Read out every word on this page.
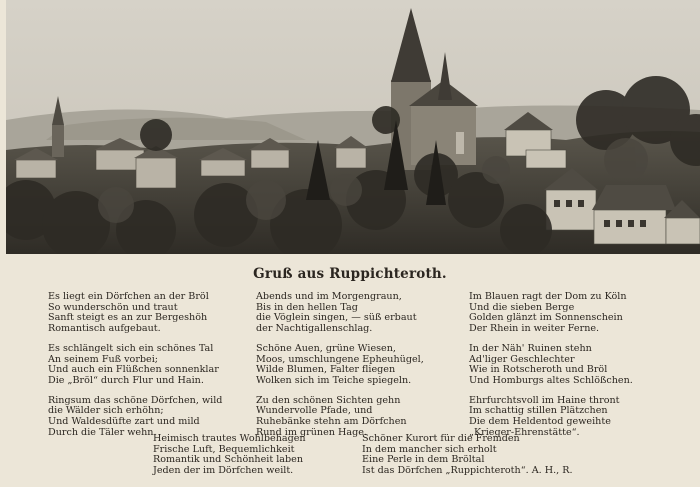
Gruß aus Ruppichteroth.
Es liegt ein Dörfchen an der Bröl
So wunderschön und traut
Sanft steigt es an zur Bergeshöh
Romantisch aufgebaut.
Es schlängelt sich ein schönes Tal
An seinem Fuß vorbei;
Und auch ein Flüßchen sonnenklar
Die „Bröl“ durch Flur und Hain.
Ringsum das schöne Dörfchen, wild
die Wälder sich erhöhn;
Und Waldesdüfte zart und mild
Durch die Täler wehn.
Abends und im Morgengraun,
Bis in den hellen Tag
die Vöglein singen, — süß erbaut
der Nachtigallenschlag.
Schöne Auen, grüne Wiesen,
Moos, umschlungene Epheuhügel,
Wilde Blumen, Falter fliegen
Wolken sich im Teiche spiegeln.
Zu den schönen Sichten gehn
Wundervolle Pfade, und
Ruhebänke stehn am Dörfchen
Rund im grünen Hage.
Im Blauen ragt der Dom zu Köln
Und die sieben Berge
Golden glänzt im Sonnenschein
Der Rhein in weiter Ferne.
In der Näh' Ruinen stehn
Ad'liger Geschlechter
Wie in Rotscheroth und Bröl
Und Homburgs altes Schlößchen.
Ehrfurchtsvoll im Haine thront
Im schattig stillen Plätzchen
Die dem Heldentod geweihte
„Krieger-Ehrenstätte“.
Heimisch trautes Wohlbehagen
Frische Luft, Bequemlichkeit
Romantik und Schönheit laben
Jeden der im Dörfchen weilt.
Schöner Kurort für die Fremden
In dem mancher sich erholt
Eine Perle in dem Bröltal
Ist das Dörfchen „Ruppichteroth“. A. H., R.
